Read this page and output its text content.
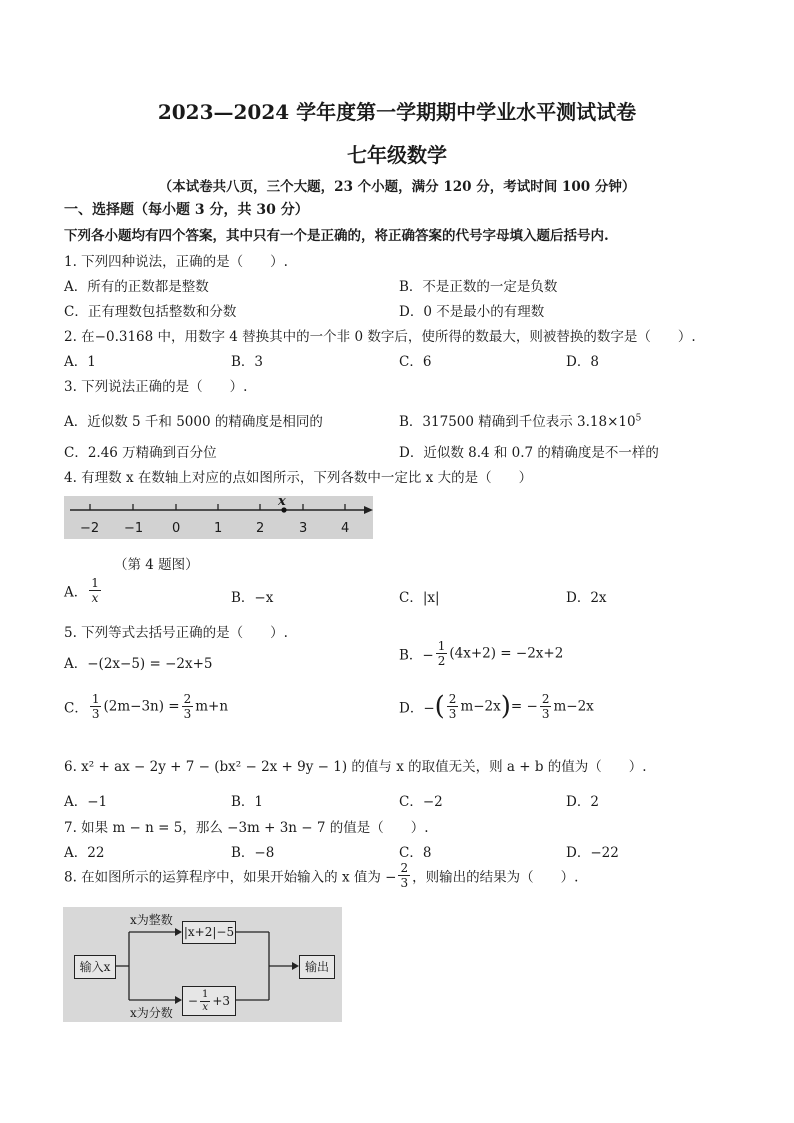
2023—2024 学年度第一学期期中学业水平测试试卷
七年级数学
（本试卷共八页，三个大题，23 个小题，满分 120 分，考试时间 100 分钟）
一、选择题（每小题 3 分，共 30 分）
下列各小题均有四个答案，其中只有一个是正确的，将正确答案的代号字母填入题后括号内.
1. 下列四种说法，正确的是（　　）.
A．所有的正数都是整数	B．不是正数的一定是负数
C．正有理数包括整数和分数	D．0 不是最小的有理数
2. 在−0.3168 中，用数字 4 替换其中的一个非 0 数字后，使所得的数最大，则被替换的数字是（　　）.
A．1	B．3	C．6	D．8
3. 下列说法正确的是（　　）.
A．近似数 5 千和 5000 的精确度是相同的	B．317500 精确到千位表示 $3.18\times 10^5$
C．2.46 万精确到百分位	D．近似数 8.4 和 0.7 的精确度是不一样的
4. 有理数 x 在数轴上对应的点如图所示，下列各数中一定比 x 大的是（　　）
−2 −1 0	1	2	3	4
x
（第 4 题图）
A． $\frac{1}{x}$	B．−x	C．|x|	D．2x
5. 下列等式去括号正确的是（　　）.
A．−(2x−5) = −2x+5
B．− $\frac{1}{2} (4x+2) = -2x+2$
C． $\frac{1}{3} (2m-3n) = \frac{2}{3} m+n$	D．−( $\frac{2}{3} m-2x)= - \frac{2}{3} m-2x$
6. x² + ax − 2y + 7 − (bx² − 2x + 9y − 1) 的值与 x 的取值无关，则 a + b 的值为（　　）.
A．−1	B．1	C．−2	D．2
7. 如果 m − n = 5，那么 −3m + 3n − 7 的值是（　　）.
A．22	B．−8	C．8	D．−22
8. 在如图所示的运算程序中，如果开始输入的 x 值为 − $\frac{2}{3}$ ，则输出的结果为（　　）.
输入x
|x+2|−5
− $\frac{1}{x} +3$
输出
x为整数
x为分数
